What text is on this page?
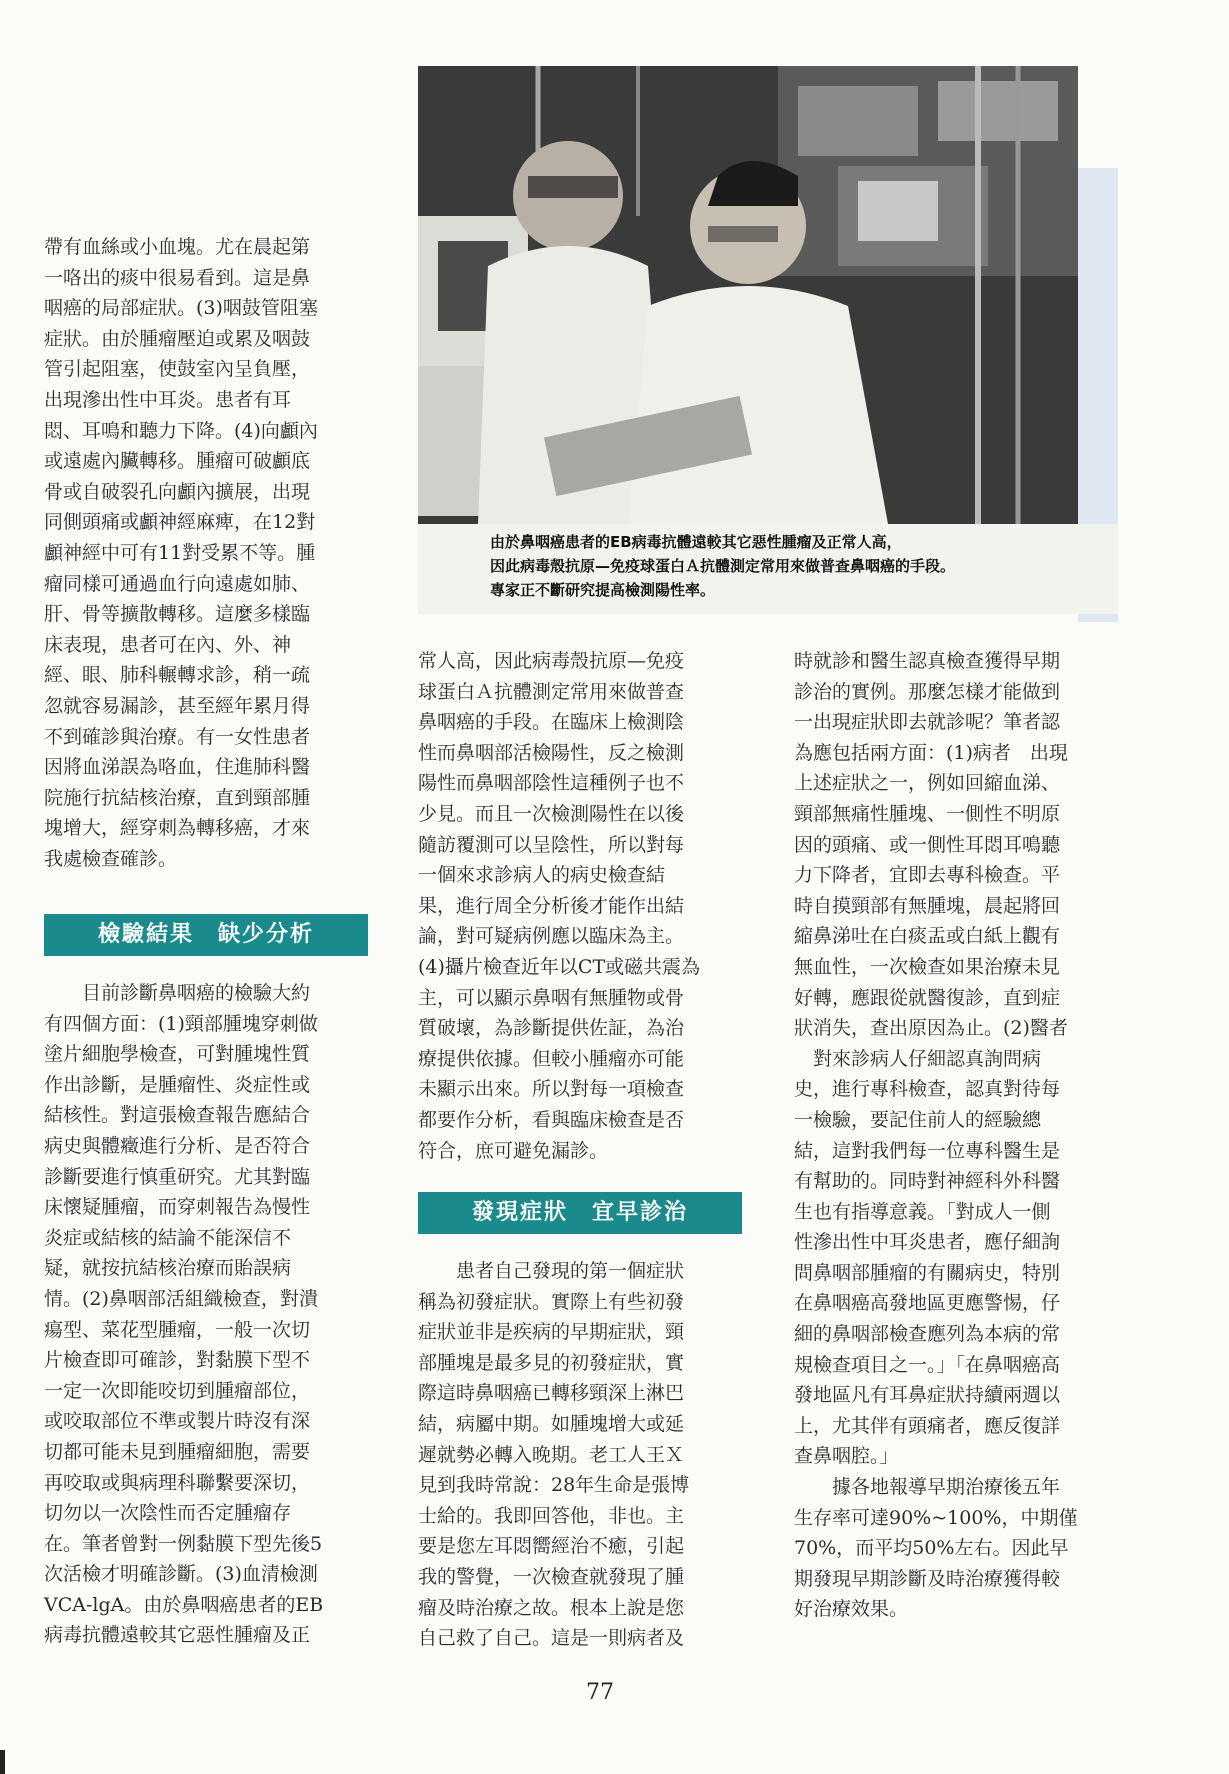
由於鼻咽癌患者的EB病毒抗體遠較其它惡性腫瘤及正常人高，
因此病毒殼抗原—免疫球蛋白Ａ抗體測定常用來做普查鼻咽癌的手段。
專家正不斷研究提高檢測陽性率。
帶有血絲或小血塊。尤在晨起第
一咯出的痰中很易看到。這是鼻
咽癌的局部症狀。(3)咽鼓管阻塞
症狀。由於腫瘤壓迫或累及咽鼓
管引起阻塞，使鼓室內呈負壓，
出現滲出性中耳炎。患者有耳
悶、耳鳴和聽力下降。(4)向顱內
或遠處內臟轉移。腫瘤可破顱底
骨或自破裂孔向顱內擴展，出現
同側頭痛或顱神經麻痺，在12對
顱神經中可有11對受累不等。腫
瘤同樣可通過血行向遠處如肺、
肝、骨等擴散轉移。這麼多樣臨
床表現，患者可在內、外、神
經、眼、肺科輾轉求診，稍一疏
忽就容易漏診，甚至經年累月得
不到確診與治療。有一女性患者
因將血涕誤為咯血，住進肺科醫
院施行抗結核治療，直到頸部腫
塊增大，經穿刺為轉移癌，才來
我處檢查確診。
檢驗結果　缺少分析
　　目前診斷鼻咽癌的檢驗大約
有四個方面：(1)頸部腫塊穿刺做
塗片細胞學檢查，可對腫塊性質
作出診斷，是腫瘤性、炎症性或
結核性。對這張檢查報告應結合
病史與體癥進行分析、是否符合
診斷要進行慎重研究。尤其對臨
床懷疑腫瘤，而穿刺報告為慢性
炎症或結核的結論不能深信不
疑，就按抗結核治療而貽誤病
情。(2)鼻咽部活組織檢查，對潰
瘍型、菜花型腫瘤，一般一次切
片檢查即可確診，對黏膜下型不
一定一次即能咬切到腫瘤部位，
或咬取部位不準或製片時沒有深
切都可能未見到腫瘤細胞，需要
再咬取或與病理科聯繫要深切，
切勿以一次陰性而否定腫瘤存
在。筆者曾對一例黏膜下型先後5
次活檢才明確診斷。(3)血清檢測
VCA-lgA。由於鼻咽癌患者的EB
病毒抗體遠較其它惡性腫瘤及正
常人高，因此病毒殼抗原—免疫
球蛋白Ａ抗體測定常用來做普查
鼻咽癌的手段。在臨床上檢測陰
性而鼻咽部活檢陽性，反之檢測
陽性而鼻咽部陰性這種例子也不
少見。而且一次檢測陽性在以後
隨訪覆測可以呈陰性，所以對每
一個來求診病人的病史檢查結
果，進行周全分析後才能作出結
論，對可疑病例應以臨床為主。
(4)攝片檢查近年以CT或磁共震為
主，可以顯示鼻咽有無腫物或骨
質破壞，為診斷提供佐証，為治
療提供依據。但較小腫瘤亦可能
未顯示出來。所以對每一項檢查
都要作分析，看與臨床檢查是否
符合，庶可避免漏診。
發現症狀　宜早診治
　　患者自己發現的第一個症狀
稱為初發症狀。實際上有些初發
症狀並非是疾病的早期症狀，頸
部腫塊是最多見的初發症狀，實
際這時鼻咽癌已轉移頸深上淋巴
結，病屬中期。如腫塊增大或延
遲就勢必轉入晚期。老工人王Ｘ
見到我時常說：28年生命是張博
士給的。我即回答他，非也。主
要是您左耳悶嚮經治不癒，引起
我的警覺，一次檢查就發現了腫
瘤及時治療之故。根本上說是您
自己救了自己。這是一則病者及
時就診和醫生認真檢查獲得早期
診治的實例。那麼怎樣才能做到
一出現症狀即去就診呢？筆者認
為應包括兩方面：(1)病者　出現
上述症狀之一，例如回縮血涕、
頸部無痛性腫塊、一側性不明原
因的頭痛、或一側性耳悶耳鳴聽
力下降者，宜即去專科檢查。平
時自摸頸部有無腫塊，晨起將回
縮鼻涕吐在白痰盂或白紙上觀有
無血性，一次檢查如果治療未見
好轉，應跟從就醫復診，直到症
狀消失，查出原因為止。(2)醫者
　對來診病人仔細認真詢問病
史，進行專科檢查，認真對待每
一檢驗，要記住前人的經驗總
結，這對我們每一位專科醫生是
有幫助的。同時對神經科外科醫
生也有指導意義。「對成人一側
性滲出性中耳炎患者，應仔細詢
問鼻咽部腫瘤的有關病史，特別
在鼻咽癌高發地區更應警惕，仔
細的鼻咽部檢查應列為本病的常
規檢查項目之一。」「在鼻咽癌高
發地區凡有耳鼻症狀持續兩週以
上，尤其伴有頭痛者，應反復詳
查鼻咽腔。」
　　據各地報導早期治療後五年
生存率可達90%~100%，中期僅
70%，而平均50%左右。因此早
期發現早期診斷及時治療獲得較
好治療效果。
77
